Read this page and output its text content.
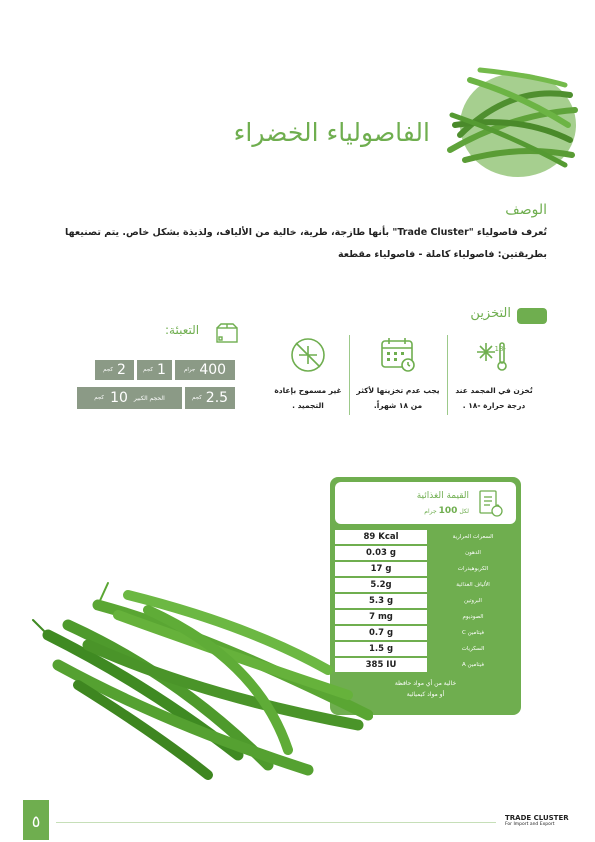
الفاصولياء الخضراء
الوصف
تُعرف فاصولياء "Trade Cluster" بأنها طازجة، طرية، خالية من الألياف، ولذيذة بشكل خاص. يتم تصنيعها بطريقتين: فاصولياء كاملة - فاصولياء مقطعة
التخزين
-18
تُخزن في المجمد عند درجة حرارة -١٨ .
يجب عدم تخزينها لأكثر من ١٨ شهراً.
غير مسموح بإعادة التجميد .
التعبئة:
400
جرام
1
كجم
2
كجم
2.5
كجم
الحجم الكبير
10
كجم
القيمة الغذائية
لكل 100 جرام
89 Kcal	السعرات الحرارية
0.03 g	الدهون
17 g	الكربوهيدرات
5.2g	الألياف الغذائية
5.3 g	البروتين
7 mg	الصوديوم
0.7 g	فيتامين C
1.5 g	السكريات
385 IU	فيتامين A
خالية من أي مواد حافظة
أو مواد كيميائية
٥	TRADE CLUSTER
For Import and Export
